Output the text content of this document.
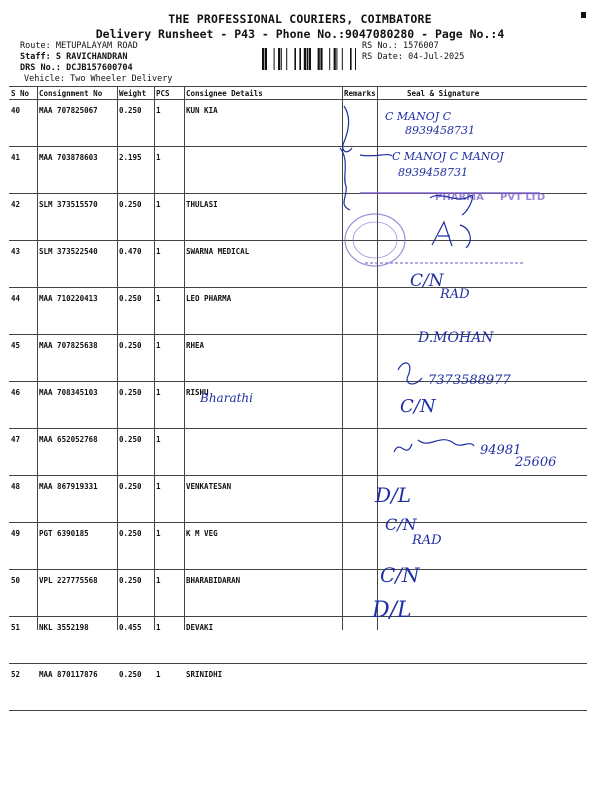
THE PROFESSIONAL COURIERS, COIMBATORE
Delivery Runsheet - P43 - Phone No.:9047080280 - Page No.:4
Route: METUPALAYAM ROAD
Staff: S RAVICHANDRAN
DRS No.: DCJB157600704
Vehicle: Two Wheeler Delivery
RS No.: 1576007
RS Date: 04-Jul-2025
S No	Consignment No	Weight	PCS	Consignee Details	Remarks	Seal & Signature
40	MAA 707825067	0.250	1	KUN KIA		
41	MAA 703878603	2.195	1			
42	SLM 373515570	0.250	1	THULASI		
43	SLM 373522540	0.470	1	SWARNA MEDICAL		
44	MAA 710220413	0.250	1	LEO PHARMA		
45	MAA 707825638	0.250	1	RHEA		
46	MAA 708345103	0.250	1	RISHU		
47	MAA 652052768	0.250	1			
48	MAA 867919331	0.250	1	VENKATESAN		
49	PGT 6390185	0.250	1	K M VEG		
50	VPL 227775568	0.250	1	BHARABIDARAN		
51	NKL 3552198	0.455	1	DEVAKI		
52	MAA 870117876	0.250	1	SRINIDHI		
PHARMA PVT LTD
C MANOJ C
8939458731
C MANOJ C MANOJ
8939458731
C/N
RAD
D.MOHAN
7373588977
Bharathi	C/N
94981
25606
D/L
C/N
RAD
C/N
D/L
